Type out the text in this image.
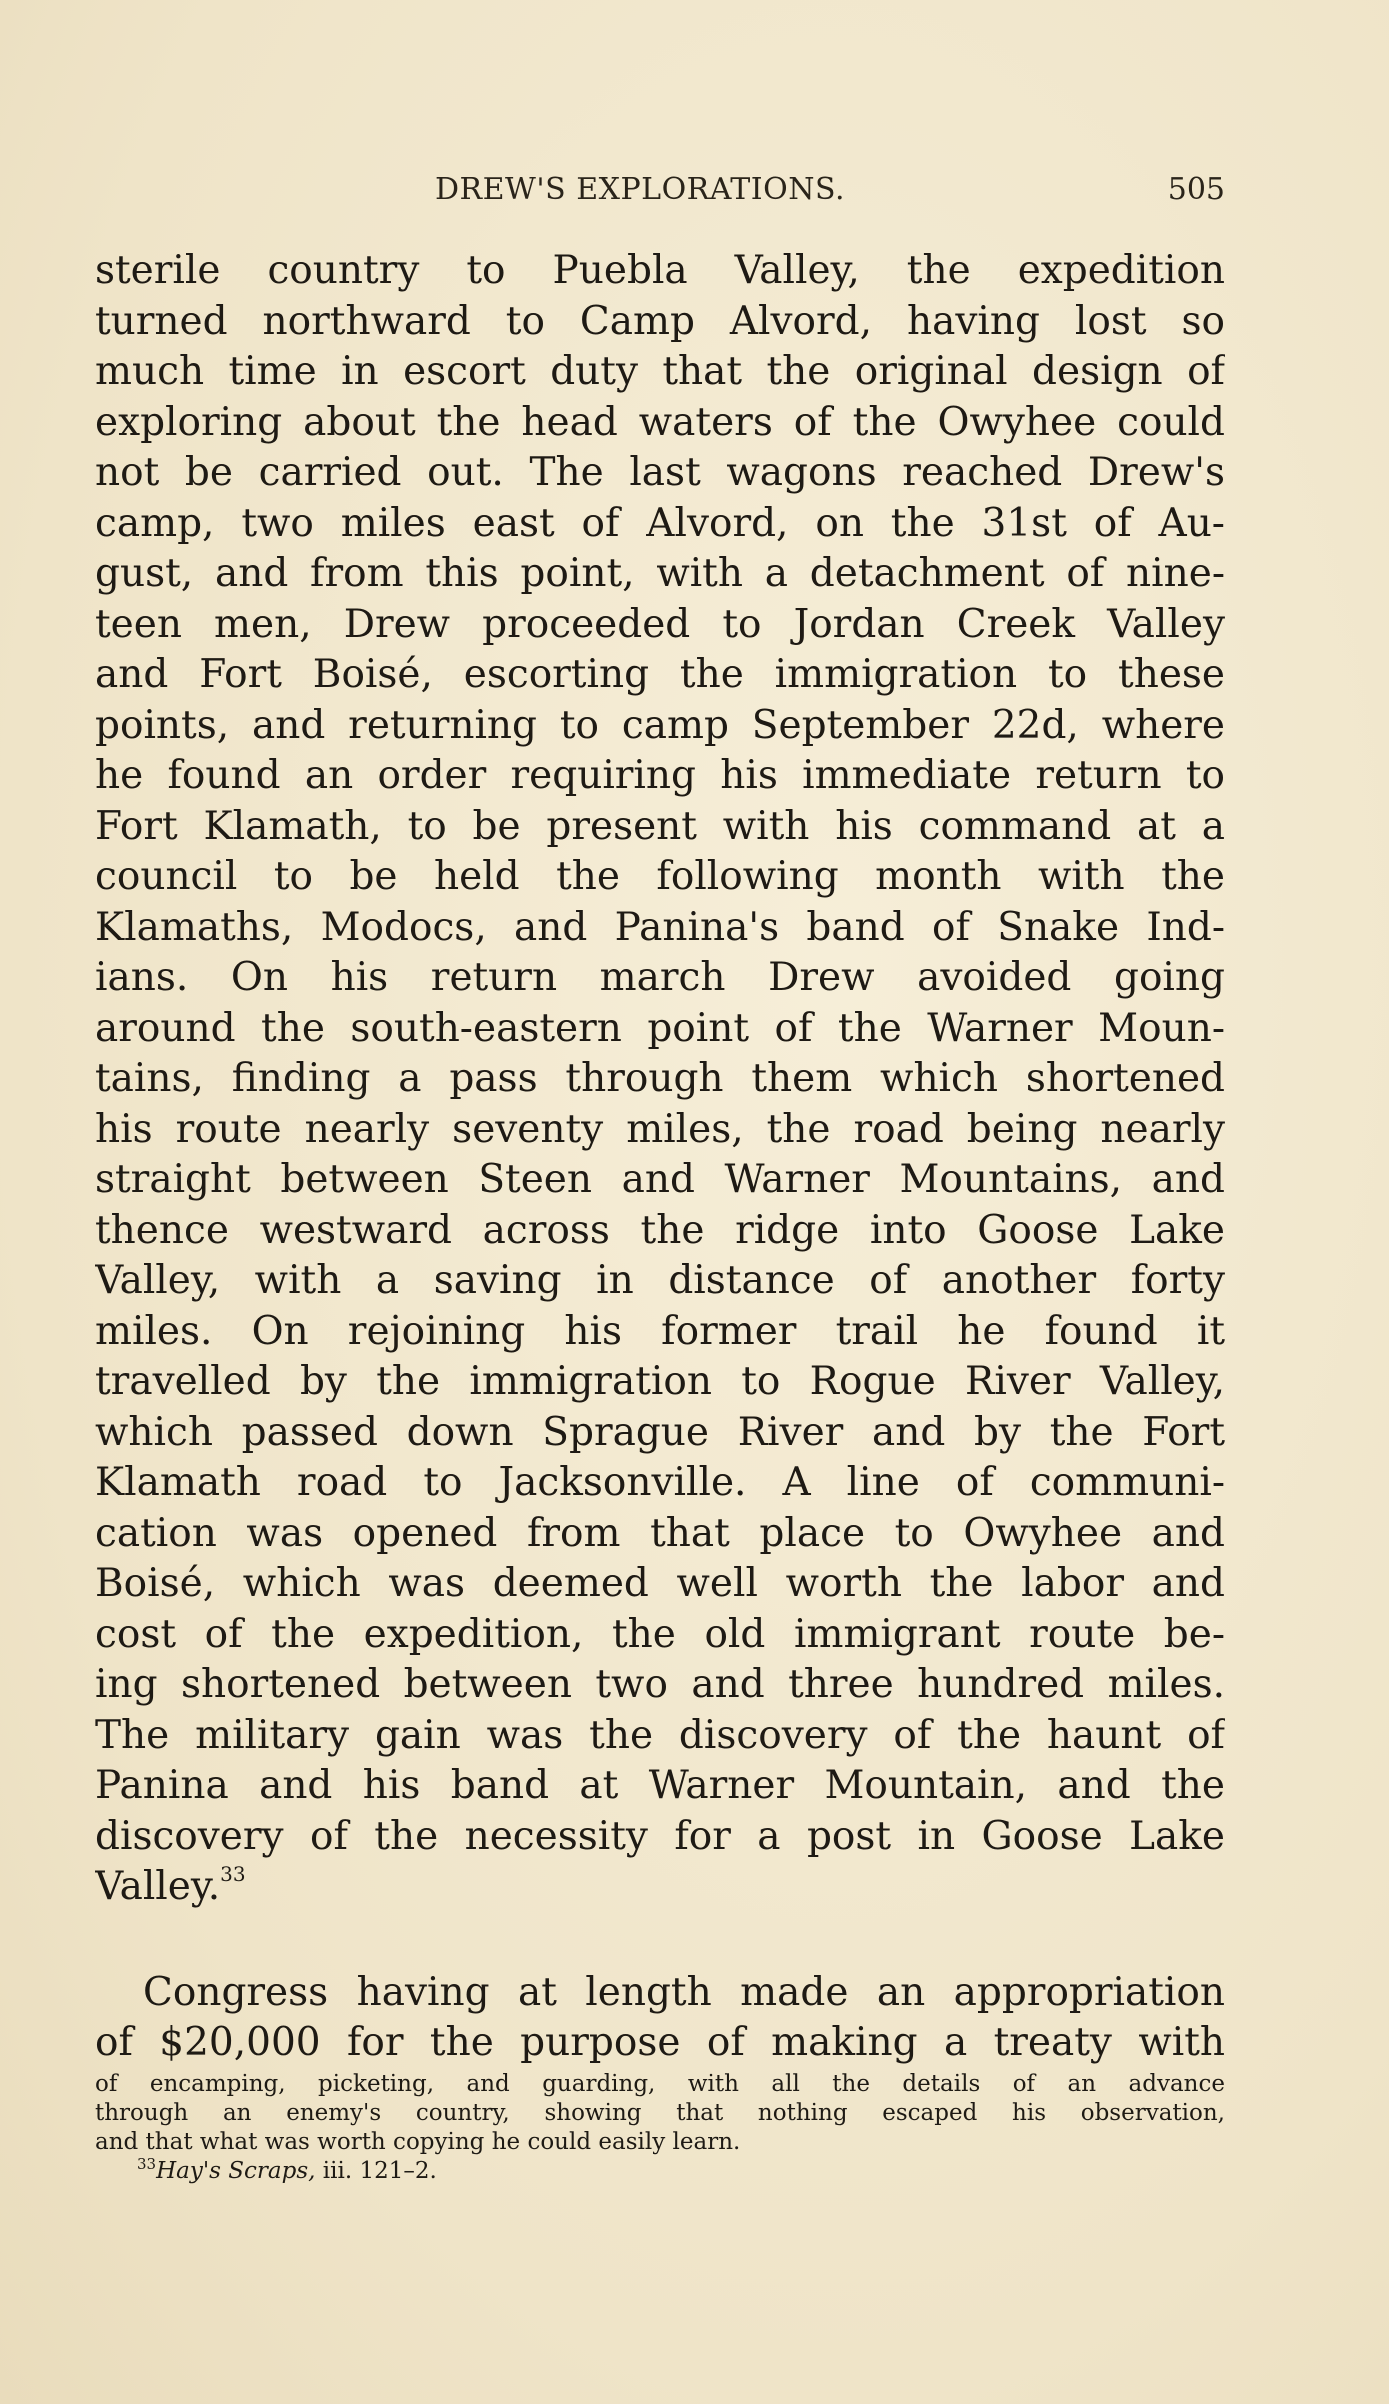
DREW'S EXPLORATIONS.	505
sterile country to Puebla Valley, the expedition
turned northward to Camp Alvord, having lost so
much time in escort duty that the original design of
exploring about the head waters of the Owyhee could
not be carried out. The last wagons reached Drew's
camp, two miles east of Alvord, on the 31st of Au-
gust, and from this point, with a detachment of nine-
teen men, Drew proceeded to Jordan Creek Valley
and Fort Boisé, escorting the immigration to these
points, and returning to camp September 22d, where
he found an order requiring his immediate return to
Fort Klamath, to be present with his command at a
council to be held the following month with the
Klamaths, Modocs, and Panina's band of Snake Ind-
ians. On his return march Drew avoided going
around the south-eastern point of the Warner Moun-
tains, finding a pass through them which shortened
his route nearly seventy miles, the road being nearly
straight between Steen and Warner Mountains, and
thence westward across the ridge into Goose Lake
Valley, with a saving in distance of another forty
miles. On rejoining his former trail he found it
travelled by the immigration to Rogue River Valley,
which passed down Sprague River and by the Fort
Klamath road to Jacksonville. A line of communi-
cation was opened from that place to Owyhee and
Boisé, which was deemed well worth the labor and
cost of the expedition, the old immigrant route be-
ing shortened between two and three hundred miles.
The military gain was the discovery of the haunt of
Panina and his band at Warner Mountain, and the
discovery of the necessity for a post in Goose Lake
Valley.$^{33}$
Congress having at length made an appropriation
of $20,000 for the purpose of making a treaty with
of encamping, picketing, and guarding, with all the details of an advance
through an enemy's country, showing that nothing escaped his observation,
and that what was worth copying he could easily learn.
$^{33}$Hay's Scraps, iii. 121–2.
